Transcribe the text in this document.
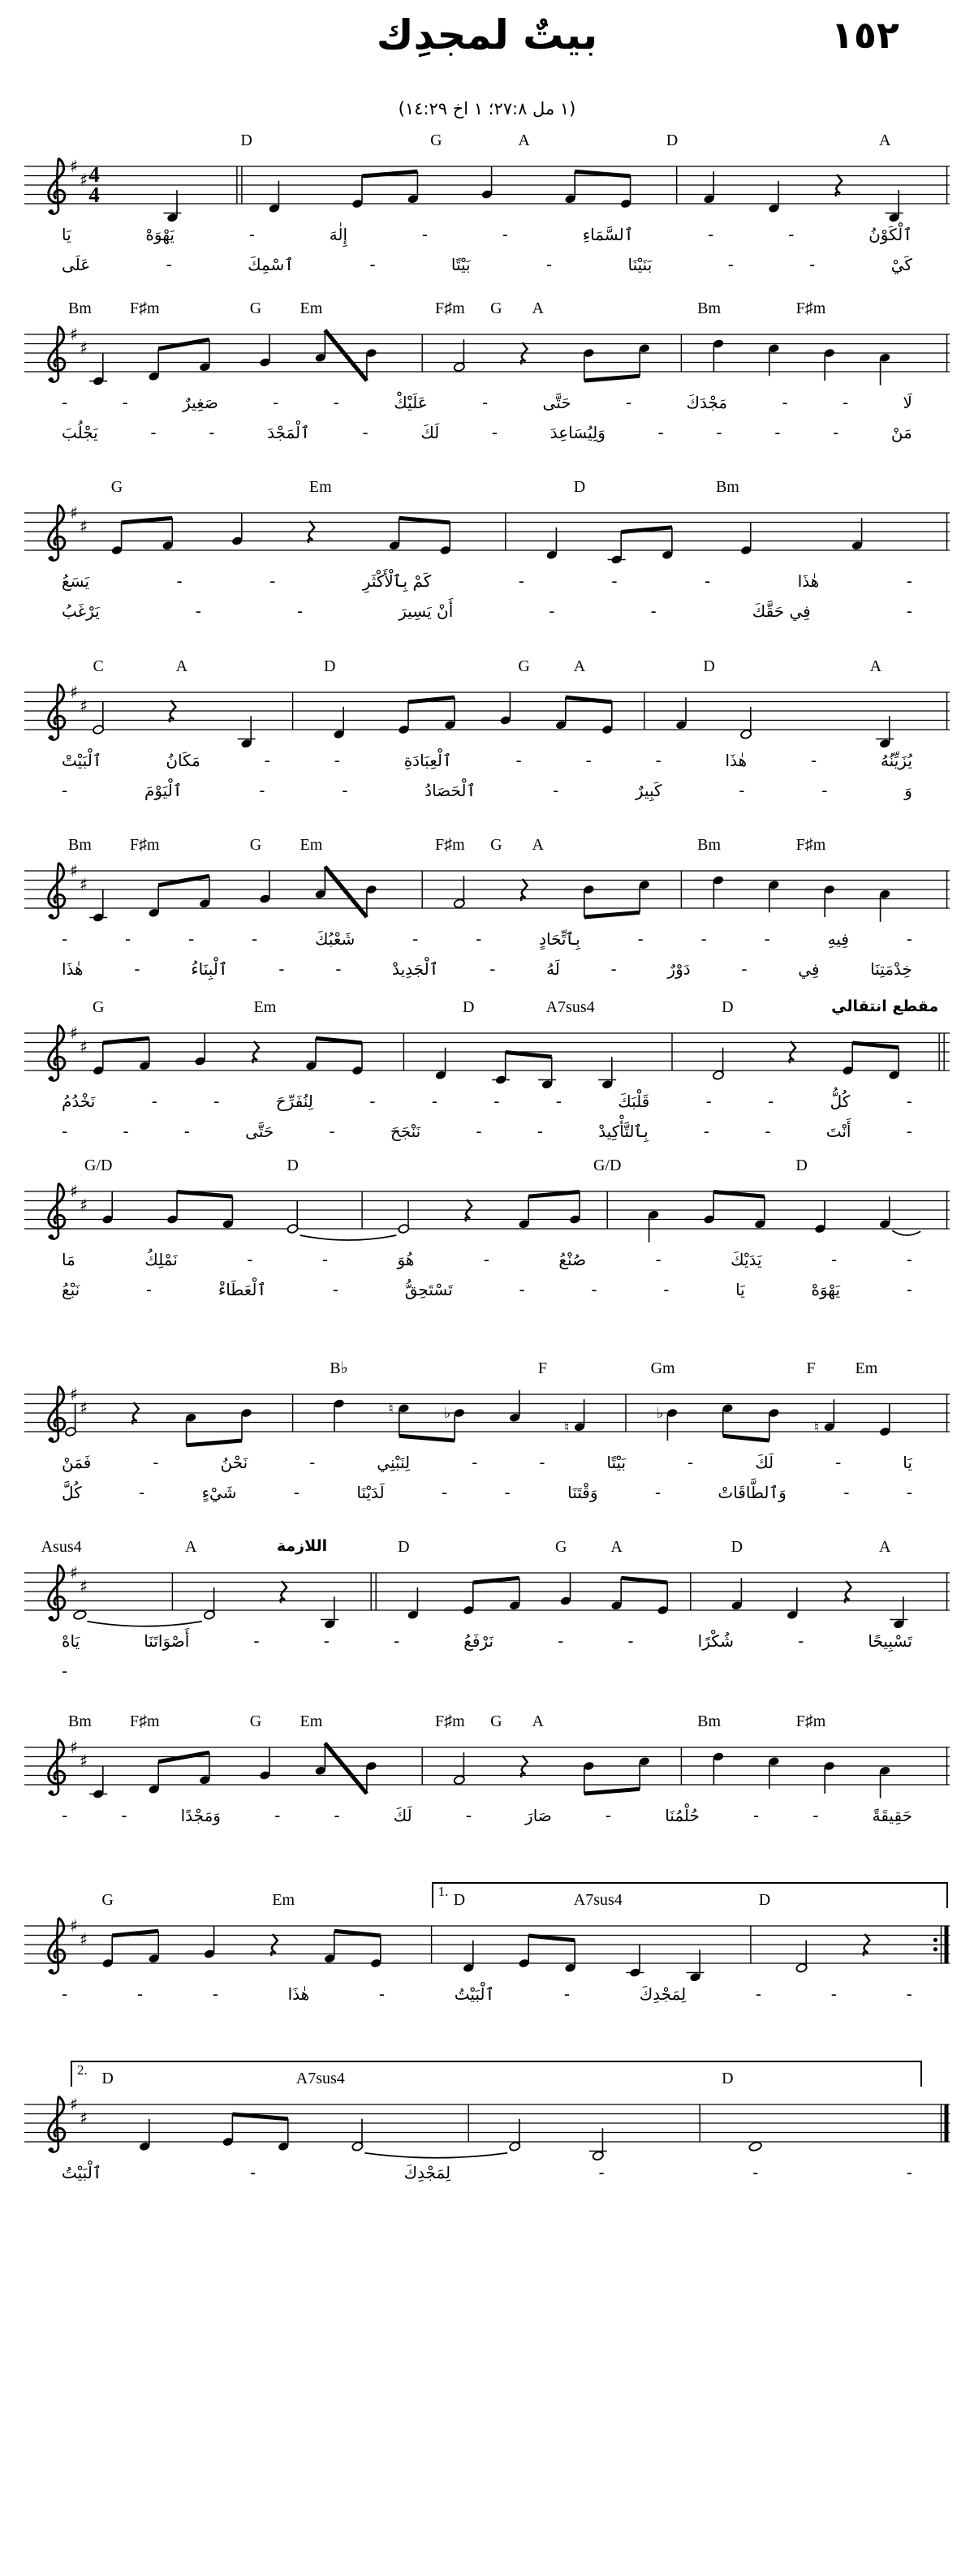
١٥٢
بيتٌ لمجدِك
(١ مل ٢٧:٨؛ ١ اخ ١٤:٢٩)
D	G	A	D	A
♯
♯ 4
4
يَا	يَهْوَهْ	-	إِلٰهَ	-	-	ٱلسَّمَاءِ	-	-	ٱلْكَوْنُ
عَلَى	-	ٱسْمِكَ	-	بَيْتًا	-	بَنَيْنَا	-	-	كَيْ
Bm F♯m	G Em	F♯m G A	Bm	F♯m
♯
♯
-	-	صَغِيرٌ	-	-	عَلَيْكْ	-	حَتَّى	-	مَجْدَكَ	-	-	لَا
يَجْلُبَ	-	-	ٱلْمَجْدَ	-	لَكَ	-	وَلِيُسَاعِدَ	-	-	-	-	مَنْ
G	Em	D	Bm
♯
♯
يَسَعُ	-	-	كَمْ بِٱلْأَكْثَرِ	-	-	-	هٰذَا	-
يَرْغَبُ	-	-	أَنْ يَسِيرَ	-	-	فِي حَقَّكَ	-
C	A	D	G	A	D	A
♯
♯
ٱلْبَيْتْ	مَكَانُ	-	-	ٱلْعِبَادَةِ	-	-	-	هٰذَا	-	يُزَيِّنُهُ
-	ٱلْيَوْمَ	-	-	ٱلْحَصَادُ	-	كَبِيرٌ	-	-	وَ
Bm F♯m	G Em	F♯m G A	Bm	F♯m
♯
♯
-	-	-	-	شَعْبُكَ	-	-	بِٱتِّحَادٍ	-	-	-	فِيهِ	-
هٰذَا	-	ٱلْبِنَاءُ	-	-	ٱلْجَدِيدْ	-	لَهُ	-	دَوْرٌ	-	فِي	خِدْمَتِنَا
G	Em	D	A7sus4	D	مقطع انتقالي
♯
♯
نَخْدُمُ	-	-	لِنُفَرِّحَ	-	-	-	-	قَلْبَكَ	-	-	كُلُّ	-
-	-	-	حَتَّى	-	نَنْجَحَ	-	-	بِٱلتَّأْكِيدْ	-	-	أَنْتَ	-
G/D	D	G/D	D
♯
♯
مَا	نَمْلِكُ	-	-	هُوَ	-	صُنْعُ	-	يَدَيْكَ	-	-
نَبْعُ	-	ٱلْعَطَاءْ	-	تَسْتَحِقُّ	-	-	-	يَا	يَهْوَهْ	-
B♭	F	Gm	F Em
♯
♯	♮	♭
♮
♭
♮
فَمَنْ	-	نَحْنُ	-	لِنَبْنِي	-	-	بَيْتًا	-	لَكَ	-	يَا
كُلَّ	-	شَيْءٍ	-	لَدَيْنَا	-	-	وَقْتَنَا	-	وَٱلطَّاقَاتْ	-	-
Asus4	A	D	G	A	D	A
اللازمة
♯
♯
يَاهْ	أَصْوَاتَنَا	-	-	-	نَرْفَعُ	-	-	شُكْرًا	-	تَسْبِيحًا
-
Bm F♯m	G Em	F♯m G A	Bm	F♯m
♯
♯
-	-	وَمَجْدًا	-	-	لَكَ	-	صَارَ	-	حُلْمُنَا	-	-	حَقِيقَةً
1.
G	Em	D	A7sus4	D
♯
♯
-	-	-	هٰذَا	-	ٱلْبَيْتُ	-	لِمَجْدِكَ	-	-	-
2. D	A7sus4	D
♯
♯
ٱلْبَيْتُ	-	لِمَجْدِكَ	-	-	-
